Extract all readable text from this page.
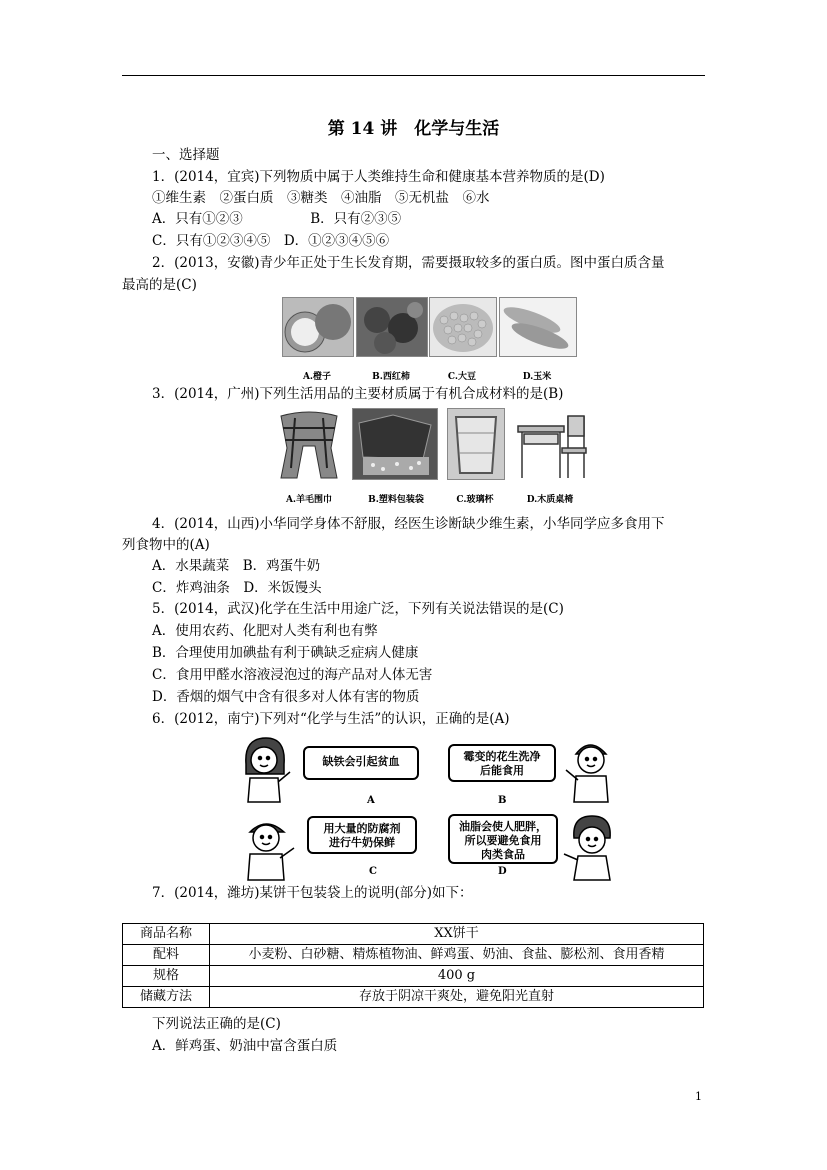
第 14 讲　化学与生活
一、选择题
1．(2014，宜宾)下列物质中属于人类维持生命和健康基本营养物质的是(D)
①维生素　②蛋白质　③糖类　④油脂　⑤无机盐　⑥水
A．只有①②③　　　　　B．只有②③⑤
C．只有①②③④⑤　D．①②③④⑤⑥
2．(2013，安徽)青少年正处于生长发育期，需要摄取较多的蛋白质。图中蛋白质含量
最高的是(C)
A.橙子	B.西红柿	C.大豆	D.玉米
3．(2014，广州)下列生活用品的主要材质属于有机合成材料的是(B)
A.羊毛围巾	B.塑料包装袋	C.玻璃杯	D.木质桌椅
4．(2014，山西)小华同学身体不舒服，经医生诊断缺少维生素，小华同学应多食用下
列食物中的(A)
A．水果蔬菜　B．鸡蛋牛奶
C．炸鸡油条　D．米饭馒头
5．(2014，武汉)化学在生活中用途广泛，下列有关说法错误的是(C)
A．使用农药、化肥对人类有利也有弊
B．合理使用加碘盐有利于碘缺乏症病人健康
C．食用甲醛水溶液浸泡过的海产品对人体无害
D．香烟的烟气中含有很多对人体有害的物质
6．(2012，南宁)下列对“化学与生活”的认识，正确的是(A)
缺铁会引起贫血	霉变的花生洗净
后能食用
A	B
用大量的防腐剂
进行牛奶保鲜
油脂会使人肥胖，
所以要避免食用
肉类食品
C	D
7．(2014，潍坊)某饼干包装袋上的说明(部分)如下：
商品名称	XX饼干
配料	小麦粉、白砂糖、精炼植物油、鲜鸡蛋、奶油、食盐、膨松剂、食用香精
规格	400 g
储藏方法	存放于阴凉干爽处，避免阳光直射
下列说法正确的是(C)
A．鲜鸡蛋、奶油中富含蛋白质
1
